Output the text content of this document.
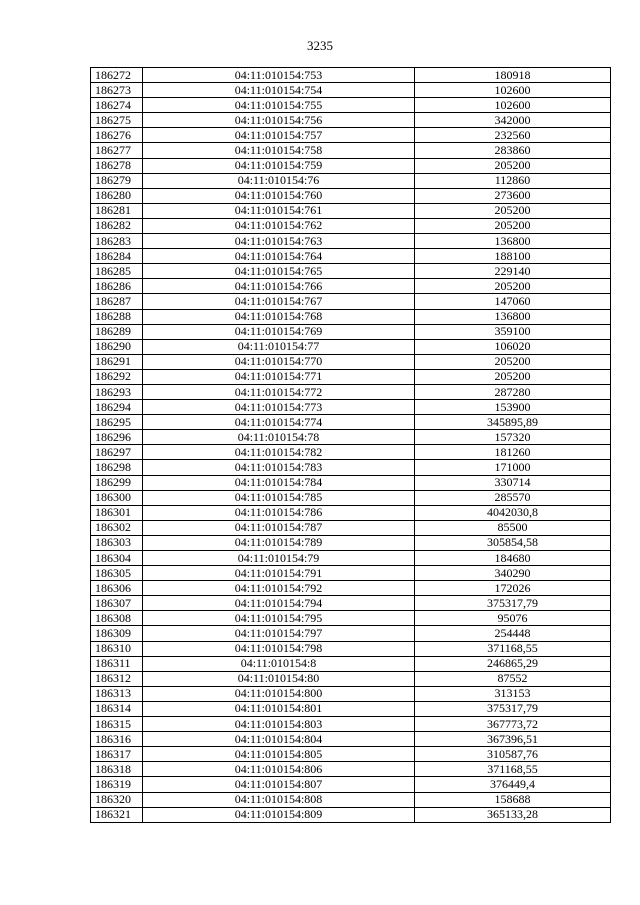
3235
186272	04:11:010154:753	180918
186273	04:11:010154:754	102600
186274	04:11:010154:755	102600
186275	04:11:010154:756	342000
186276	04:11:010154:757	232560
186277	04:11:010154:758	283860
186278	04:11:010154:759	205200
186279	04:11:010154:76	112860
186280	04:11:010154:760	273600
186281	04:11:010154:761	205200
186282	04:11:010154:762	205200
186283	04:11:010154:763	136800
186284	04:11:010154:764	188100
186285	04:11:010154:765	229140
186286	04:11:010154:766	205200
186287	04:11:010154:767	147060
186288	04:11:010154:768	136800
186289	04:11:010154:769	359100
186290	04:11:010154:77	106020
186291	04:11:010154:770	205200
186292	04:11:010154:771	205200
186293	04:11:010154:772	287280
186294	04:11:010154:773	153900
186295	04:11:010154:774	345895,89
186296	04:11:010154:78	157320
186297	04:11:010154:782	181260
186298	04:11:010154:783	171000
186299	04:11:010154:784	330714
186300	04:11:010154:785	285570
186301	04:11:010154:786	4042030,8
186302	04:11:010154:787	85500
186303	04:11:010154:789	305854,58
186304	04:11:010154:79	184680
186305	04:11:010154:791	340290
186306	04:11:010154:792	172026
186307	04:11:010154:794	375317,79
186308	04:11:010154:795	95076
186309	04:11:010154:797	254448
186310	04:11:010154:798	371168,55
186311	04:11:010154:8	246865,29
186312	04:11:010154:80	87552
186313	04:11:010154:800	313153
186314	04:11:010154:801	375317,79
186315	04:11:010154:803	367773,72
186316	04:11:010154:804	367396,51
186317	04:11:010154:805	310587,76
186318	04:11:010154:806	371168,55
186319	04:11:010154:807	376449,4
186320	04:11:010154:808	158688
186321	04:11:010154:809	365133,28
